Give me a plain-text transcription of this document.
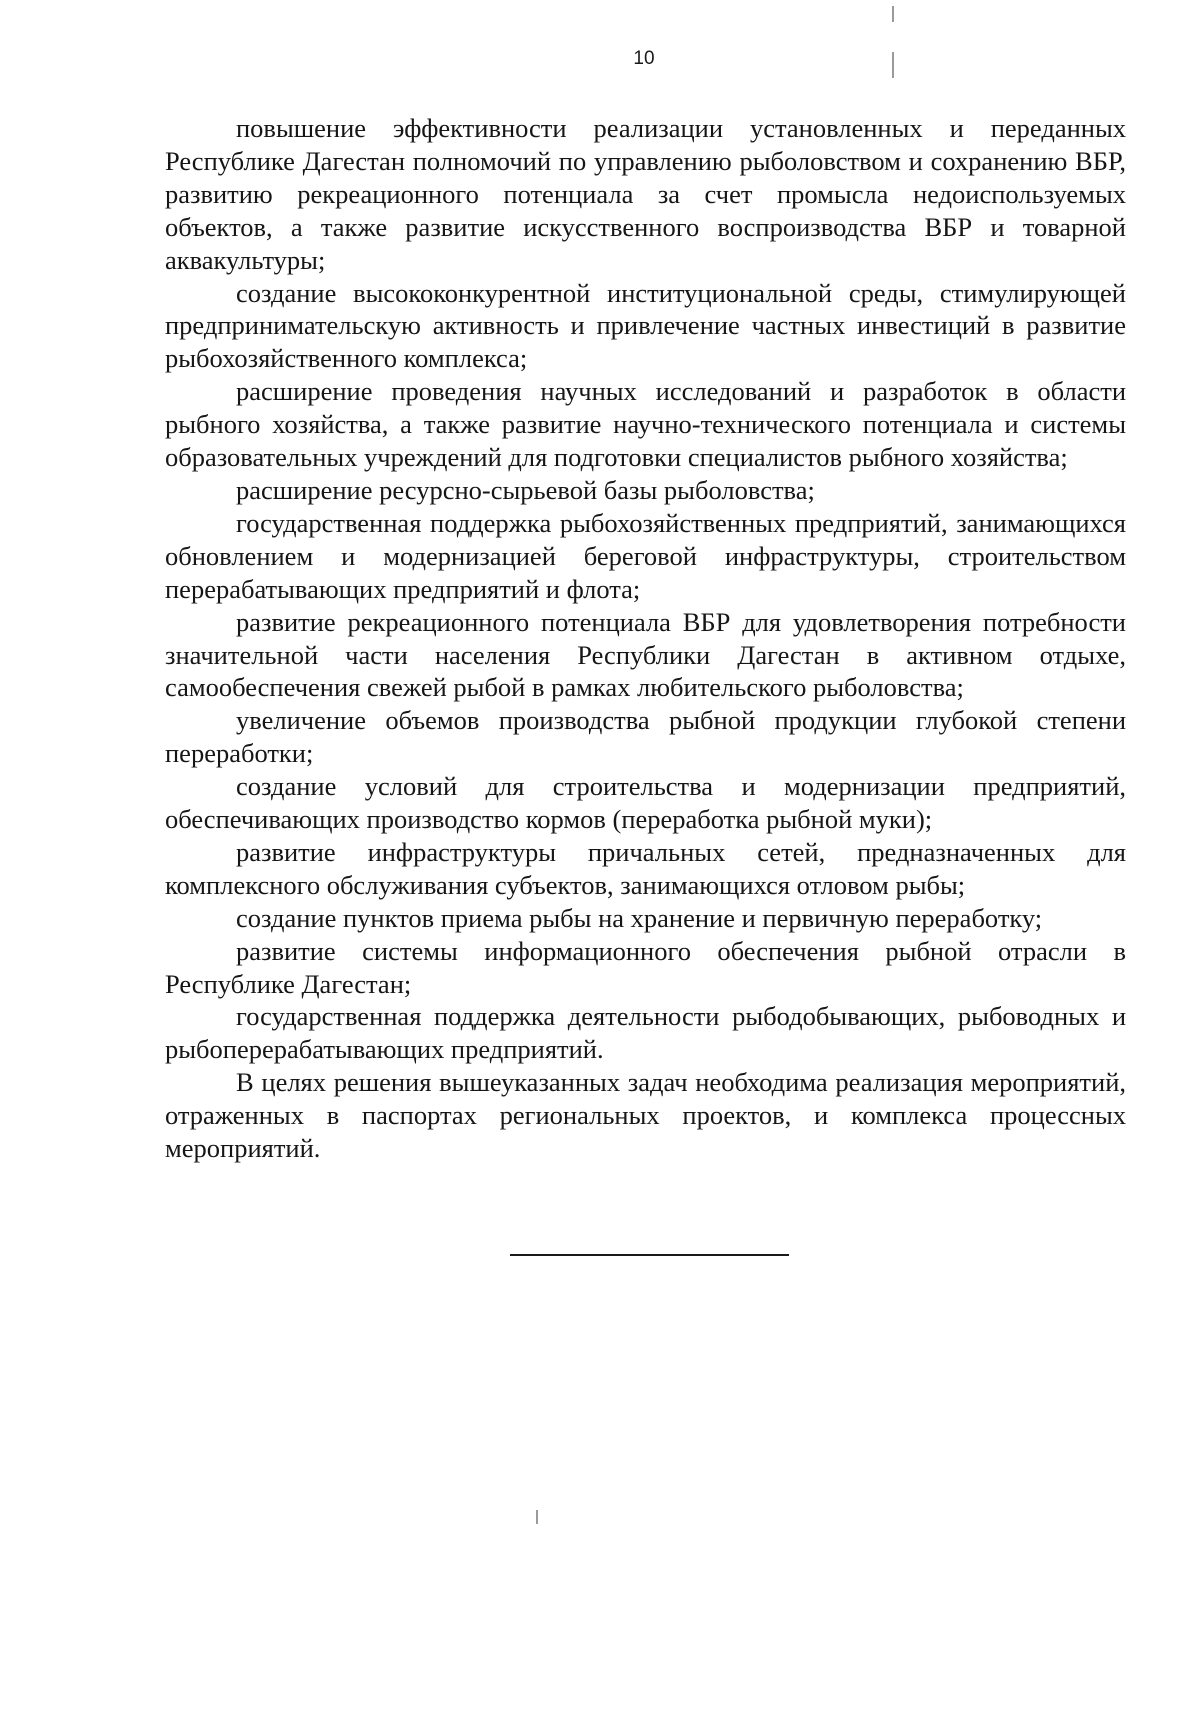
10

повышение эффективности реализации установленных и переданных Республике Дагестан полномочий по управлению рыболовством и сохранению ВБР, развитию рекреационного потенциала за счет промысла недоиспользуемых объектов, а также развитие искусственного воспроизводства ВБР и товарной аквакультуры;

создание высококонкурентной институциональной среды, стимулирующей предпринимательскую активность и привлечение частных инвестиций в развитие рыбохозяйственного комплекса;

расширение проведения научных исследований и разработок в области рыбного хозяйства, а также развитие научно-технического потенциала и системы образовательных учреждений для подготовки специалистов рыбного хозяйства;

расширение ресурсно-сырьевой базы рыболовства;

государственная поддержка рыбохозяйственных предприятий, занимающихся обновлением и модернизацией береговой инфраструктуры, строительством перерабатывающих предприятий и флота;

развитие рекреационного потенциала ВБР для удовлетворения потребности значительной части населения Республики Дагестан в активном отдыхе, самообеспечения свежей рыбой в рамках любительского рыболовства;

увеличение объемов производства рыбной продукции глубокой степени переработки;

создание условий для строительства и модернизации предприятий, обеспечивающих производство кормов (переработка рыбной муки);

развитие инфраструктуры причальных сетей, предназначенных для комплексного обслуживания субъектов, занимающихся отловом рыбы;

создание пунктов приема рыбы на хранение и первичную переработку;

развитие системы информационного обеспечения рыбной отрасли в Республике Дагестан;

государственная поддержка деятельности рыбодобывающих, рыбоводных и рыбоперерабатывающих предприятий.

В целях решения вышеуказанных задач необходима реализация мероприятий, отраженных в паспортах региональных проектов, и комплекса процессных мероприятий.
